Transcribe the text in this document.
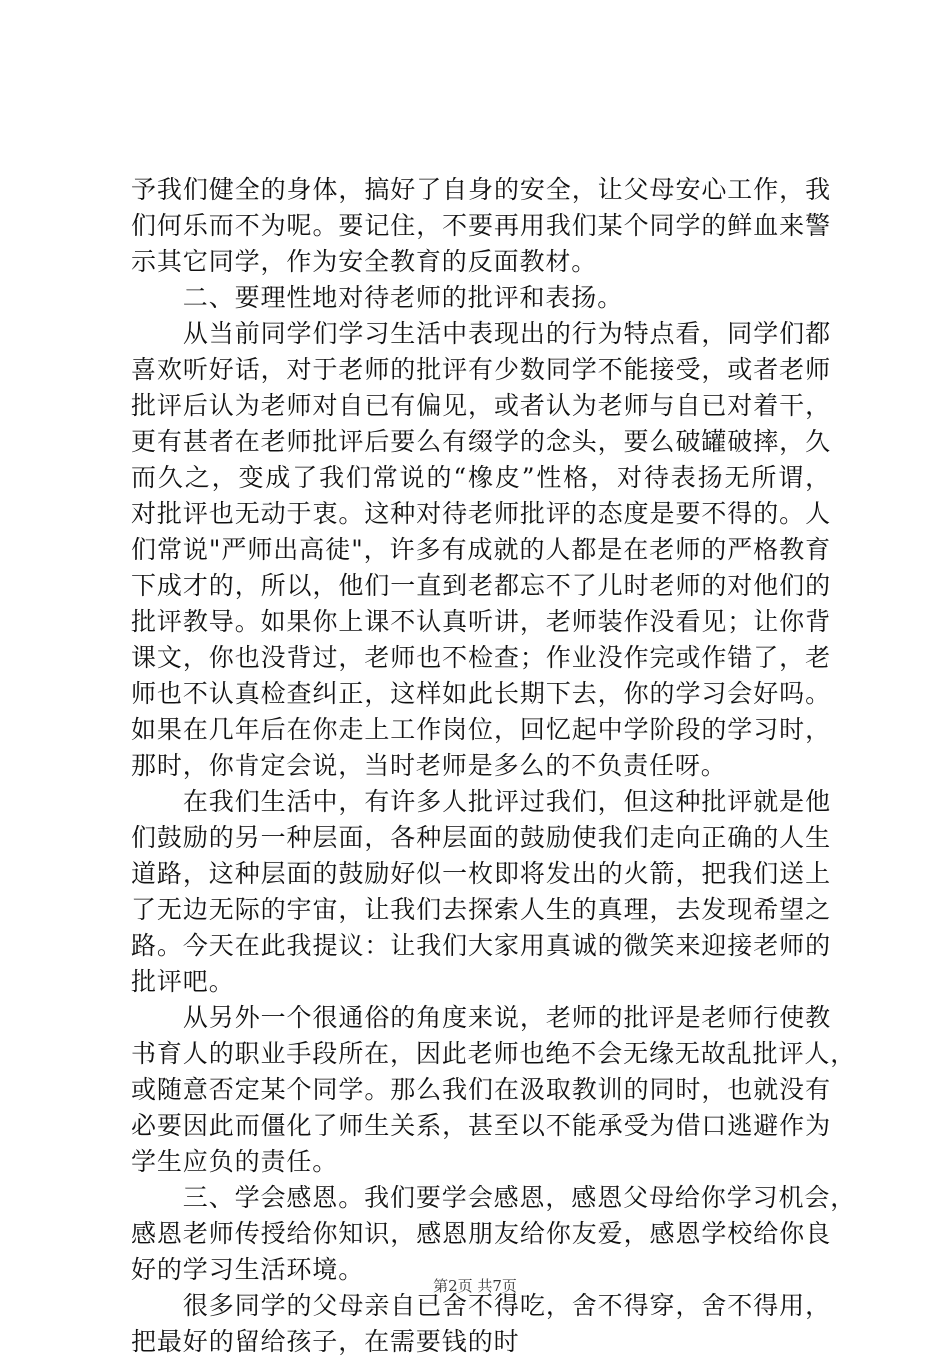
予我们健全的身体，搞好了自身的安全，让父母安心工作，我
们何乐而不为呢。要记住，不要再用我们某个同学的鲜血来警
示其它同学，作为安全教育的反面教材。
　　二、要理性地对待老师的批评和表扬。
　　从当前同学们学习生活中表现出的行为特点看，同学们都
喜欢听好话，对于老师的批评有少数同学不能接受，或者老师
批评后认为老师对自已有偏见，或者认为老师与自已对着干，
更有甚者在老师批评后要么有缀学的念头，要么破罐破摔，久
而久之，变成了我们常说的“橡皮”性格，对待表扬无所谓，
对批评也无动于衷。这种对待老师批评的态度是要不得的。人
们常说"严师出高徒"，许多有成就的人都是在老师的严格教育
下成才的，所以，他们一直到老都忘不了儿时老师的对他们的
批评教导。如果你上课不认真听讲，老师装作没看见；让你背
课文，你也没背过，老师也不检查；作业没作完或作错了，老
师也不认真检查纠正，这样如此长期下去，你的学习会好吗。
如果在几年后在你走上工作岗位，回忆起中学阶段的学习时，
那时，你肯定会说，当时老师是多么的不负责任呀。
　　在我们生活中，有许多人批评过我们，但这种批评就是他
们鼓励的另一种层面，各种层面的鼓励使我们走向正确的人生
道路，这种层面的鼓励好似一枚即将发出的火箭，把我们送上
了无边无际的宇宙，让我们去探索人生的真理，去发现希望之
路。今天在此我提议：让我们大家用真诚的微笑来迎接老师的
批评吧。
　　从另外一个很通俗的角度来说，老师的批评是老师行使教
书育人的职业手段所在，因此老师也绝不会无缘无故乱批评人，
或随意否定某个同学。那么我们在汲取教训的同时，也就没有
必要因此而僵化了师生关系，甚至以不能承受为借口逃避作为
学生应负的责任。
　　三、学会感恩。我们要学会感恩，感恩父母给你学习机会，
感恩老师传授给你知识，感恩朋友给你友爱，感恩学校给你良
好的学习生活环境。
　　很多同学的父母亲自已舍不得吃，舍不得穿，舍不得用，
把最好的留给孩子，在需要钱的时
第2页 共7页
